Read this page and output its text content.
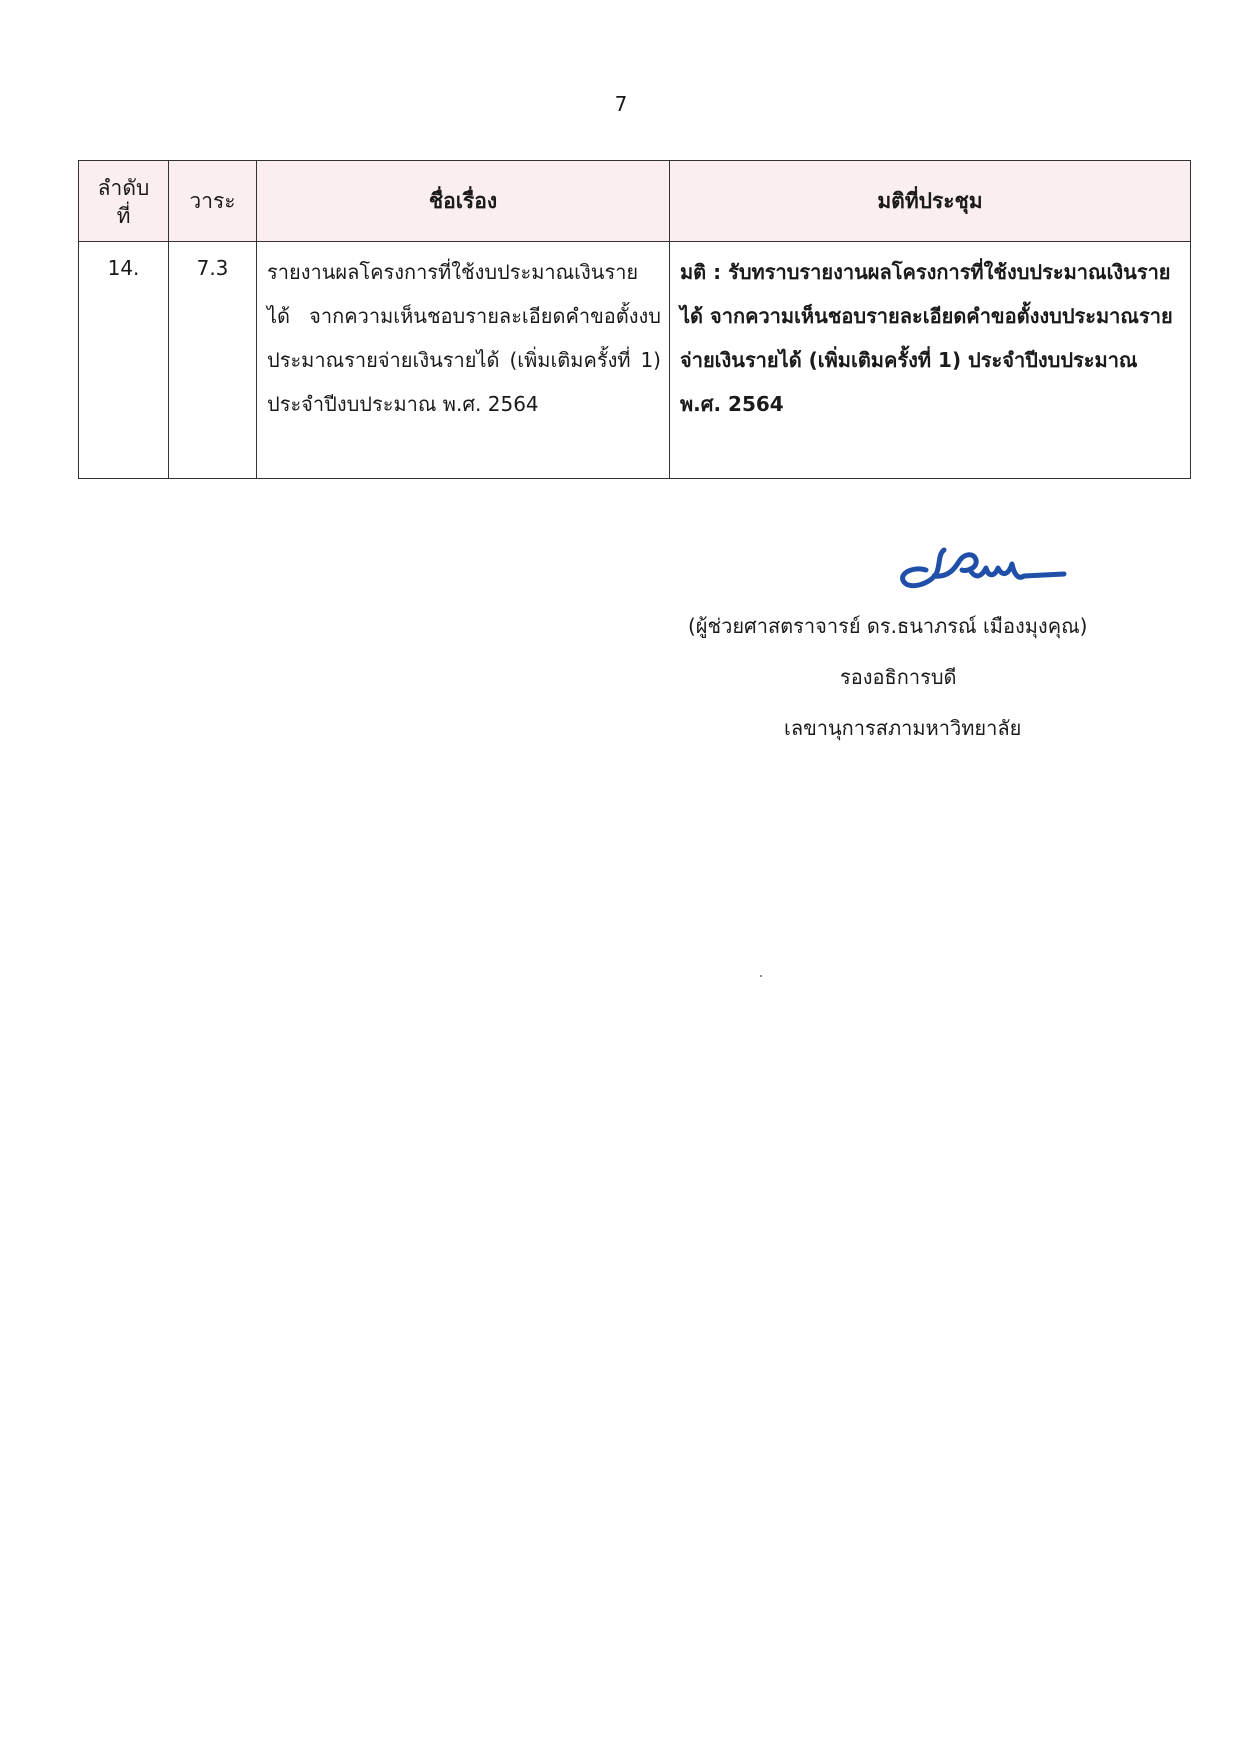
7
ลำดับ
ที่	วาระ	ชื่อเรื่อง	มติที่ประชุม
14.	7.3	รายงานผลโครงการที่ใช้งบประมาณเงินรายได้ จากความเห็นชอบรายละเอียดคำขอตั้งงบประมาณรายจ่ายเงินรายได้ (เพิ่มเติมครั้งที่ 1) ประจำปีงบประมาณ พ.ศ. 2564	มติ : รับทราบรายงานผลโครงการที่ใช้งบประมาณเงินรายได้ จากความเห็นชอบรายละเอียดคำขอตั้งงบประมาณรายจ่ายเงินรายได้ (เพิ่มเติมครั้งที่ 1) ประจำปีงบประมาณ พ.ศ. 2564
(ผู้ช่วยศาสตราจารย์ ดร.ธนาภรณ์ เมืองมุงคุณ)
รองอธิการบดี
เลขานุการสภามหาวิทยาลัย
